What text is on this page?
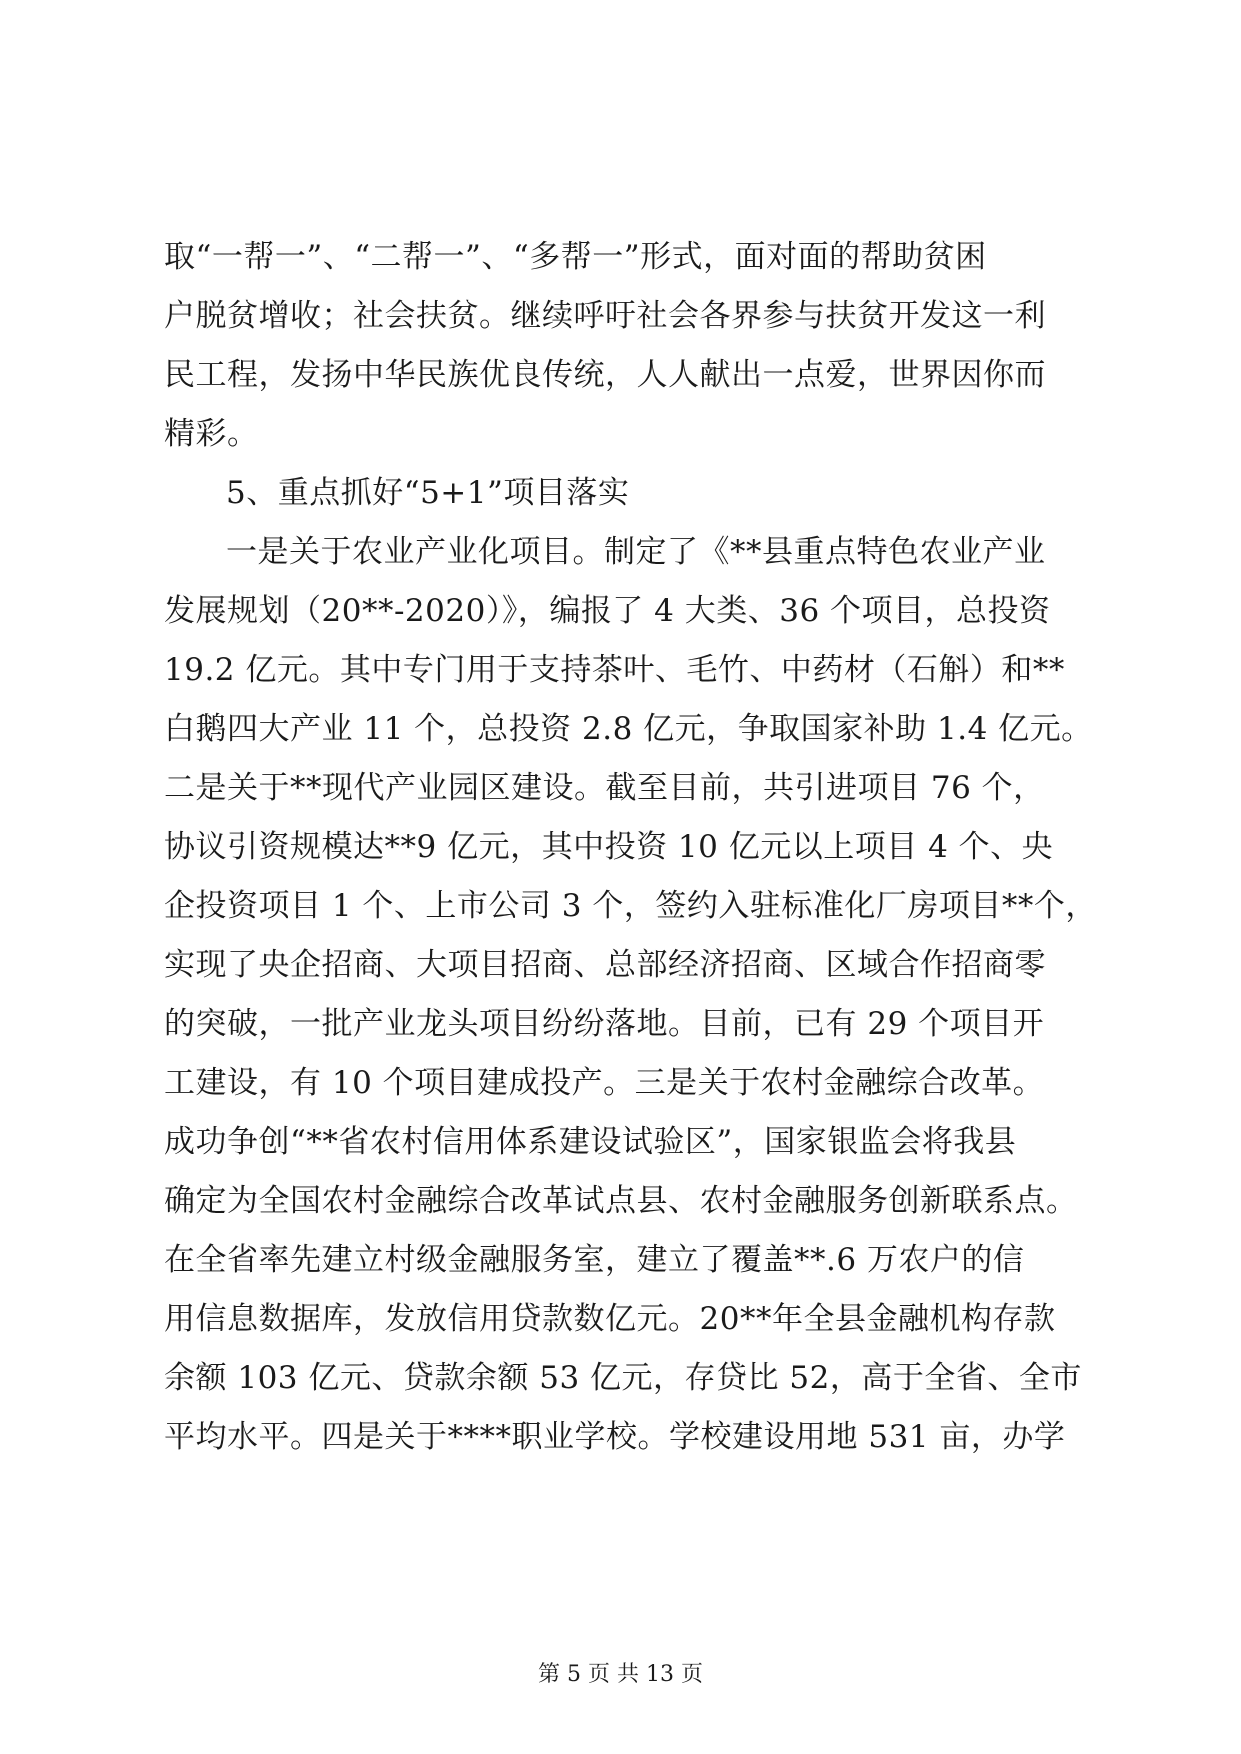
取“一帮一”、“二帮一”、“多帮一”形式，面对面的帮助贫困
户脱贫增收；社会扶贫。继续呼吁社会各界参与扶贫开发这一利
民工程，发扬中华民族优良传统，人人献出一点爱，世界因你而
精彩。
5、重点抓好“5+1”项目落实
一是关于农业产业化项目。制定了《**县重点特色农业产业
发展规划（20**-2020）》，编报了 4 大类、36 个项目，总投资
19.2 亿元。其中专门用于支持茶叶、毛竹、中药材（石斛）和**
白鹅四大产业 11 个，总投资 2.8 亿元，争取国家补助 1.4 亿元。
二是关于**现代产业园区建设。截至目前，共引进项目 76 个，
协议引资规模达**9 亿元，其中投资 10 亿元以上项目 4 个、央
企投资项目 1 个、上市公司 3 个，签约入驻标准化厂房项目**个，
实现了央企招商、大项目招商、总部经济招商、区域合作招商零
的突破，一批产业龙头项目纷纷落地。目前，已有 29 个项目开
工建设，有 10 个项目建成投产。三是关于农村金融综合改革。
成功争创“**省农村信用体系建设试验区”，国家银监会将我县
确定为全国农村金融综合改革试点县、农村金融服务创新联系点。
在全省率先建立村级金融服务室，建立了覆盖**.6 万农户的信
用信息数据库，发放信用贷款数亿元。20**年全县金融机构存款
余额 103 亿元、贷款余额 53 亿元，存贷比 52，高于全省、全市
平均水平。四是关于****职业学校。学校建设用地 531 亩，办学
第 5 页 共 13 页
